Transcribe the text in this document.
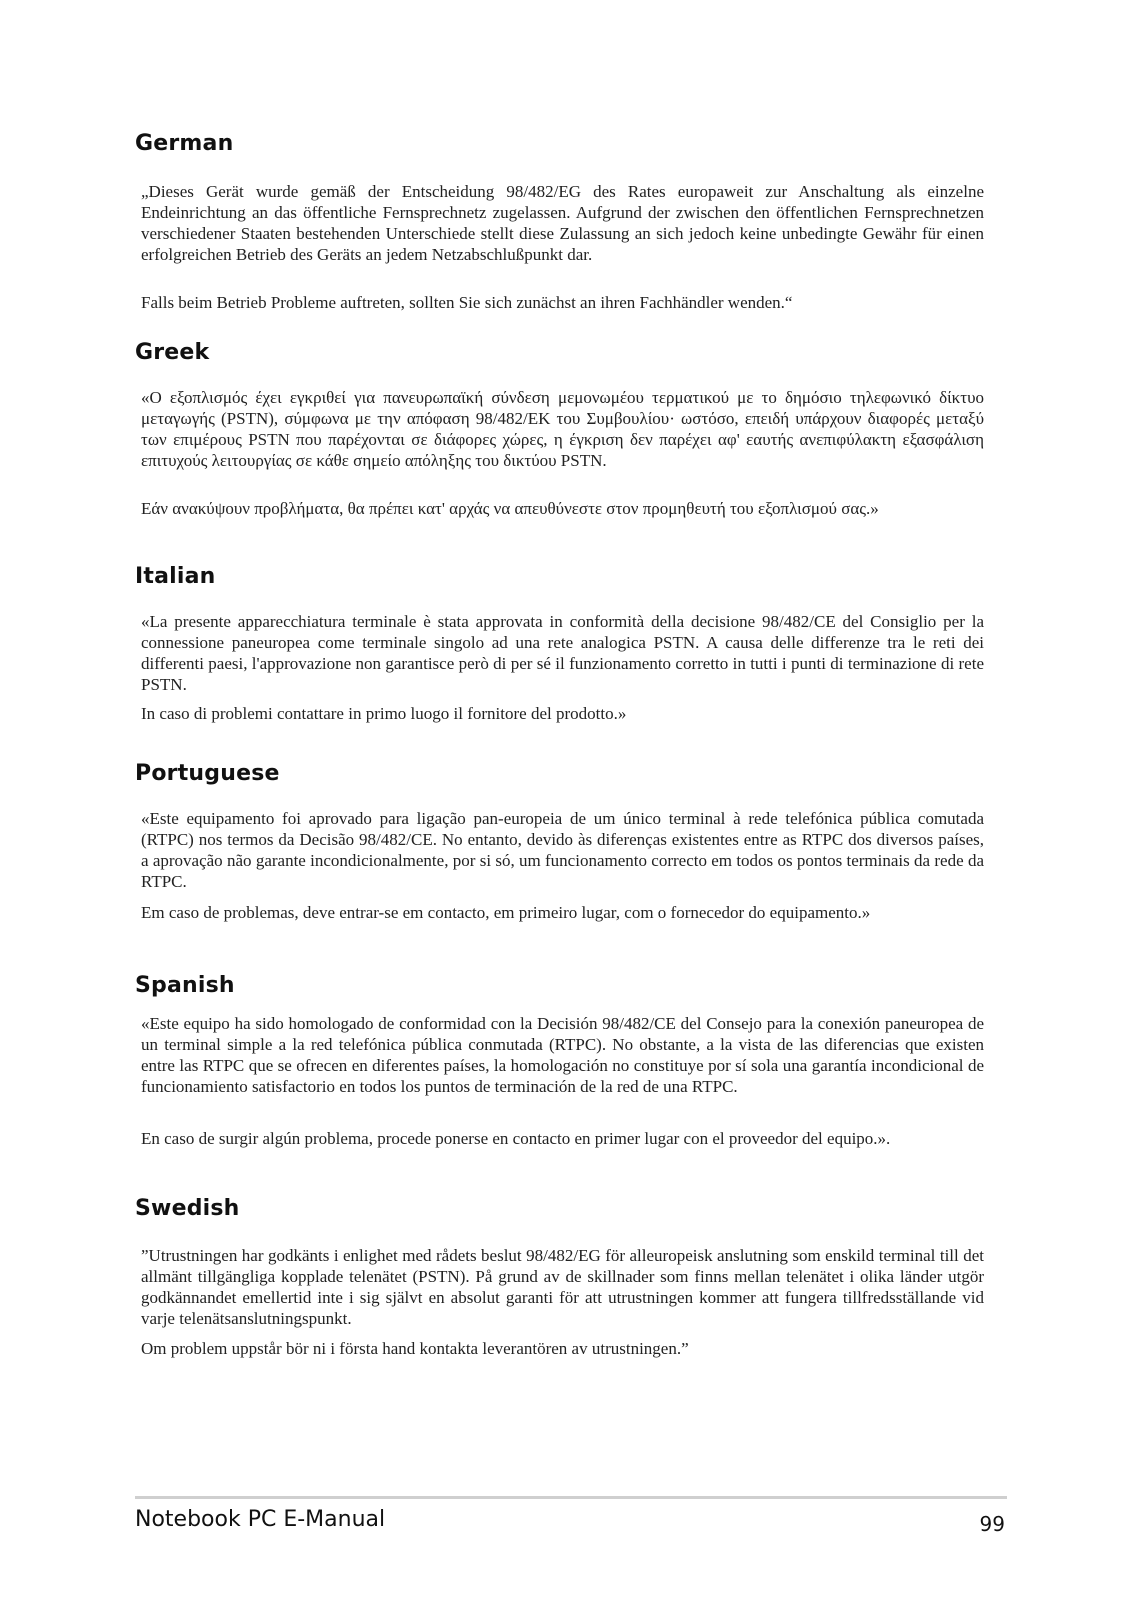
German

„Dieses Gerät wurde gemäß der Entscheidung 98/482/EG des Rates europaweit zur Anschaltung als einzelne Endeinrichtung an das öffentliche Fernsprechnetz zugelassen. Aufgrund der zwischen den öffentlichen Fernsprechnetzen verschiedener Staaten bestehenden Unterschiede stellt diese Zulassung an sich jedoch keine unbedingte Gewähr für einen erfolgreichen Betrieb des Geräts an jedem Netzabschlußpunkt dar.

Falls beim Betrieb Probleme auftreten, sollten Sie sich zunächst an ihren Fachhändler wenden.“

Greek

«Ο εξοπλισμός έχει εγκριθεί για πανευρωπαϊκή σύνδεση μεμονωμέου τερματικού με το δημόσιο τηλεφωνικό δίκτυο μεταγωγής (PSTN), σύμφωνα με την απόφαση 98/482/ΕΚ του Συμβουλίου· ωστόσο, επειδή υπάρχουν διαφορές μεταξύ των επιμέρους PSTN που παρέχονται σε διάφορες χώρες, η έγκριση δεν παρέχει αφ' εαυτής ανεπιφύλακτη εξασφάλιση επιτυχούς λειτουργίας σε κάθε σημείο απόληξης του δικτύου PSTN.

Εάν ανακύψουν προβλήματα, θα πρέπει κατ' αρχάς να απευθύνεστε στον προμηθευτή του εξοπλισμού σας.»

Italian

«La presente apparecchiatura terminale è stata approvata in conformità della decisione 98/482/CE del Consiglio per la connessione paneuropea come terminale singolo ad una rete analogica PSTN. A causa delle differenze tra le reti dei differenti paesi, l'approvazione non garantisce però di per sé il funzionamento corretto in tutti i punti di terminazione di rete PSTN.

In caso di problemi contattare in primo luogo il fornitore del prodotto.»

Portuguese

«Este equipamento foi aprovado para ligação pan-europeia de um único terminal à rede telefónica pública comutada (RTPC) nos termos da Decisão 98/482/CE. No entanto, devido às diferenças existentes entre as RTPC dos diversos países, a aprovação não garante incondicionalmente, por si só, um funcionamento correcto em todos os pontos terminais da rede da RTPC.

Em caso de problemas, deve entrar-se em contacto, em primeiro lugar, com o fornecedor do equipamento.»

Spanish

«Este equipo ha sido homologado de conformidad con la Decisión 98/482/CE del Consejo para la conexión paneuropea de un terminal simple a la red telefónica pública conmutada (RTPC). No obstante, a la vista de las diferencias que existen entre las RTPC que se ofrecen en diferentes países, la homologación no constituye por sí sola una garantía incondicional de funcionamiento satisfactorio en todos los puntos de terminación de la red de una RTPC.

En caso de surgir algún problema, procede ponerse en contacto en primer lugar con el proveedor del equipo.».

Swedish

”Utrustningen har godkänts i enlighet med rådets beslut 98/482/EG för alleuropeisk anslutning som enskild terminal till det allmänt tillgängliga kopplade telenätet (PSTN). På grund av de skillnader som finns mellan telenätet i olika länder utgör godkännandet emellertid inte i sig självt en absolut garanti för att utrustningen kommer att fungera tillfredsställande vid varje telenätsanslutningspunkt.

Om problem uppstår bör ni i första hand kontakta leverantören av utrustningen.”

Notebook PC E-Manual	99
